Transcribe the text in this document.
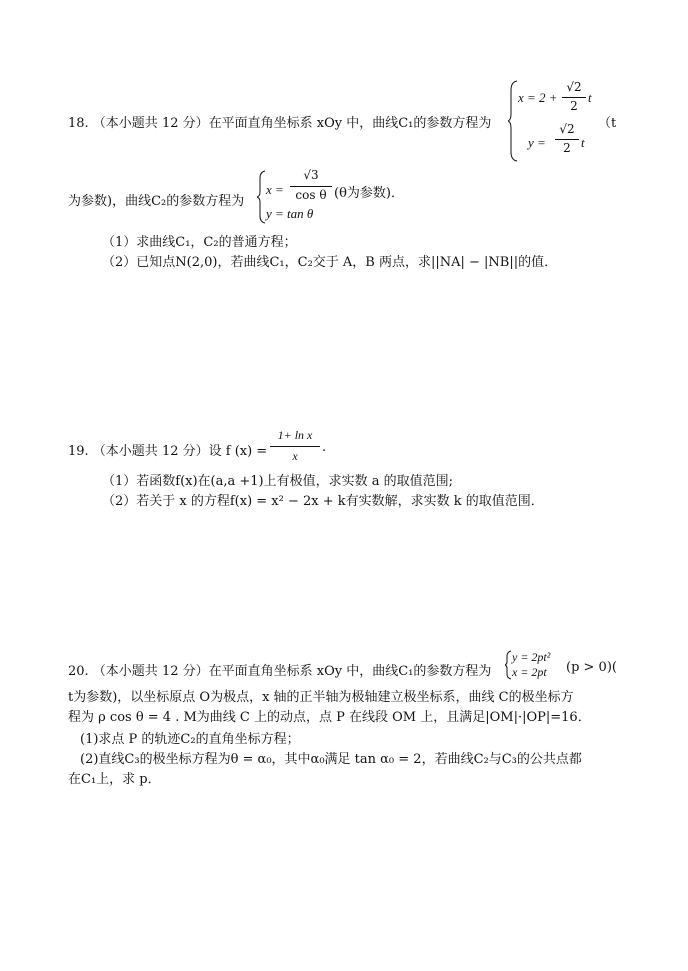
18. （本小题共 12 分）在平面直角坐标系 xOy 中，曲线C₁的参数方程为
x = 2 +
√2
2
t
y =
√2
2 t
（t
为参数)，曲线C₂的参数方程为
x =
√3
cos θ (θ为参数)．
y = tan θ
（1）求曲线C₁，C₂的普通方程；
（2）已知点N(2,0)，若曲线C₁，C₂交于 A，B 两点，求||NA| − |NB||的值．
19. （本小题共 12 分）设 f (x) =
1+ ln x
x
.
（1）若函数f(x)在(a,a +1)上有极值，求实数 a 的取值范围;
（2）若关于 x 的方程f(x) = x² − 2x + k有实数解，求实数 k 的取值范围．
20. （本小题共 12 分）在平面直角坐标系 xOy 中，曲线C₁的参数方程为
y = 2pt²
x = 2pt (p > 0)(
t为参数)，以坐标原点 O为极点，x 轴的正半轴为极轴建立极坐标系，曲线 C的极坐标方
程为 ρ cos θ = 4 . M为曲线 C 上的动点，点 P 在线段 OM 上，且满足|OM|·|OP|=16．
(1)求点 P 的轨迹C₂的直角坐标方程；
(2)直线C₃的极坐标方程为θ = α₀，其中α₀满足 tan α₀ = 2，若曲线C₂与C₃的公共点都
在C₁上，求 p．
